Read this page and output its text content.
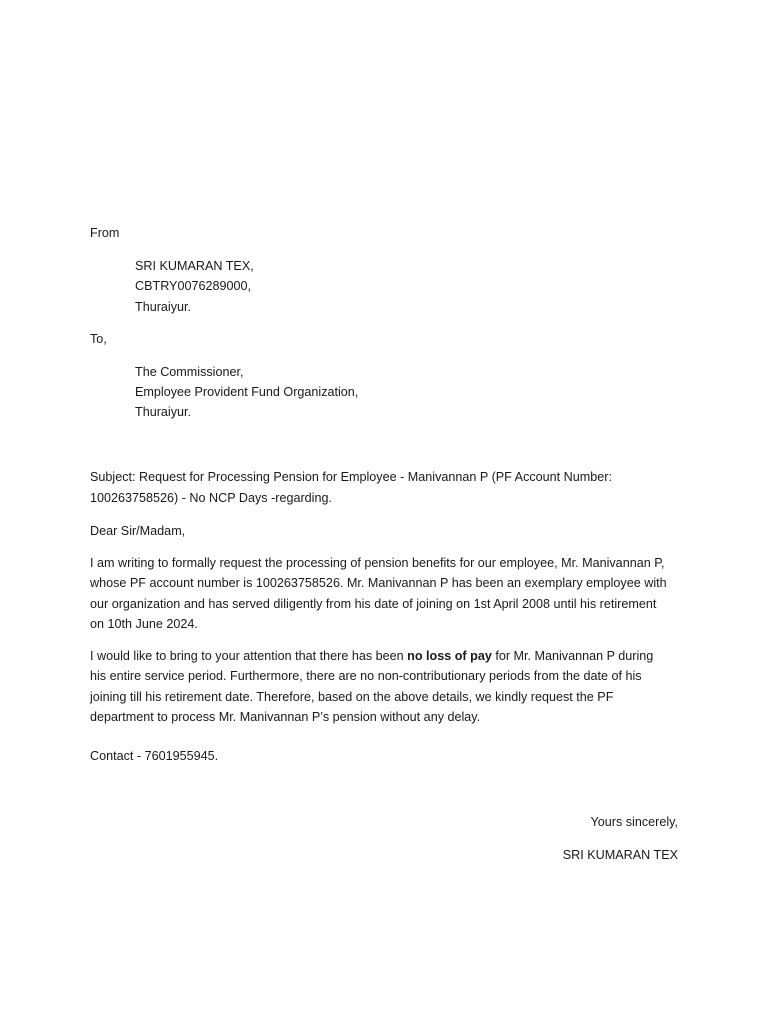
From
SRI KUMARAN TEX,
CBTRY0076289000,
Thuraiyur.
To,
The Commissioner,
Employee Provident Fund Organization,
Thuraiyur.
Subject: Request for Processing Pension for Employee - Manivannan P (PF Account Number:
100263758526) - No NCP Days -regarding.
Dear Sir/Madam,
I am writing to formally request the processing of pension benefits for our employee, Mr. Manivannan P,
whose PF account number is 100263758526. Mr. Manivannan P has been an exemplary employee with
our organization and has served diligently from his date of joining on 1st April 2008 until his retirement
on 10th June 2024.
I would like to bring to your attention that there has been no loss of pay for Mr. Manivannan P during
his entire service period. Furthermore, there are no non-contributionary periods from the date of his
joining till his retirement date. Therefore, based on the above details, we kindly request the PF
department to process Mr. Manivannan P’s pension without any delay.
Contact - 7601955945.
Yours sincerely,
SRI KUMARAN TEX
